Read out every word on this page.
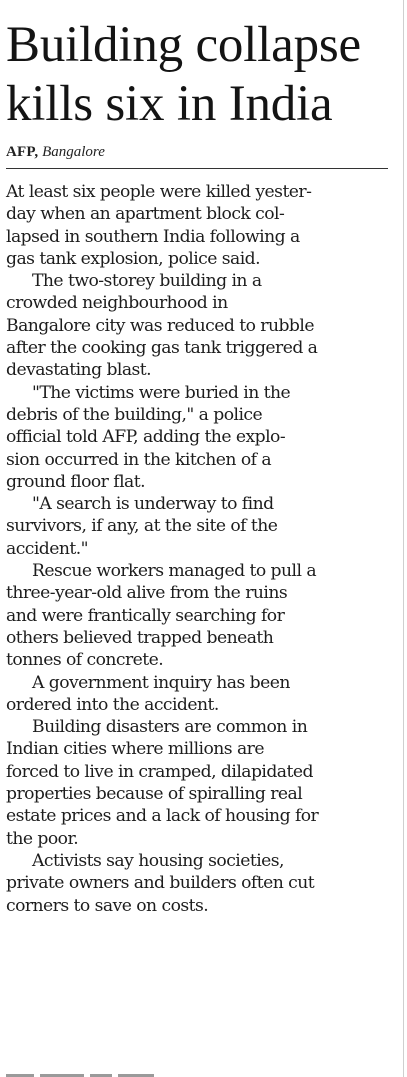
Building collapse
kills six in India
AFP, Bangalore

At least six people were killed yester-
day when an apartment block col-
lapsed in southern India following a
gas tank explosion, police said.

The two-storey building in a
crowded neighbourhood in
Bangalore city was reduced to rubble
after the cooking gas tank triggered a
devastating blast.

"The victims were buried in the
debris of the building," a police
official told AFP, adding the explo-
sion occurred in the kitchen of a
ground floor flat.

"A search is underway to find
survivors, if any, at the site of the
accident."

Rescue workers managed to pull a
three-year-old alive from the ruins
and were frantically searching for
others believed trapped beneath
tonnes of concrete.

A government inquiry has been
ordered into the accident.

Building disasters are common in
Indian cities where millions are
forced to live in cramped, dilapidated
properties because of spiralling real
estate prices and a lack of housing for
the poor.

Activists say housing societies,
private owners and builders often cut
corners to save on costs.
